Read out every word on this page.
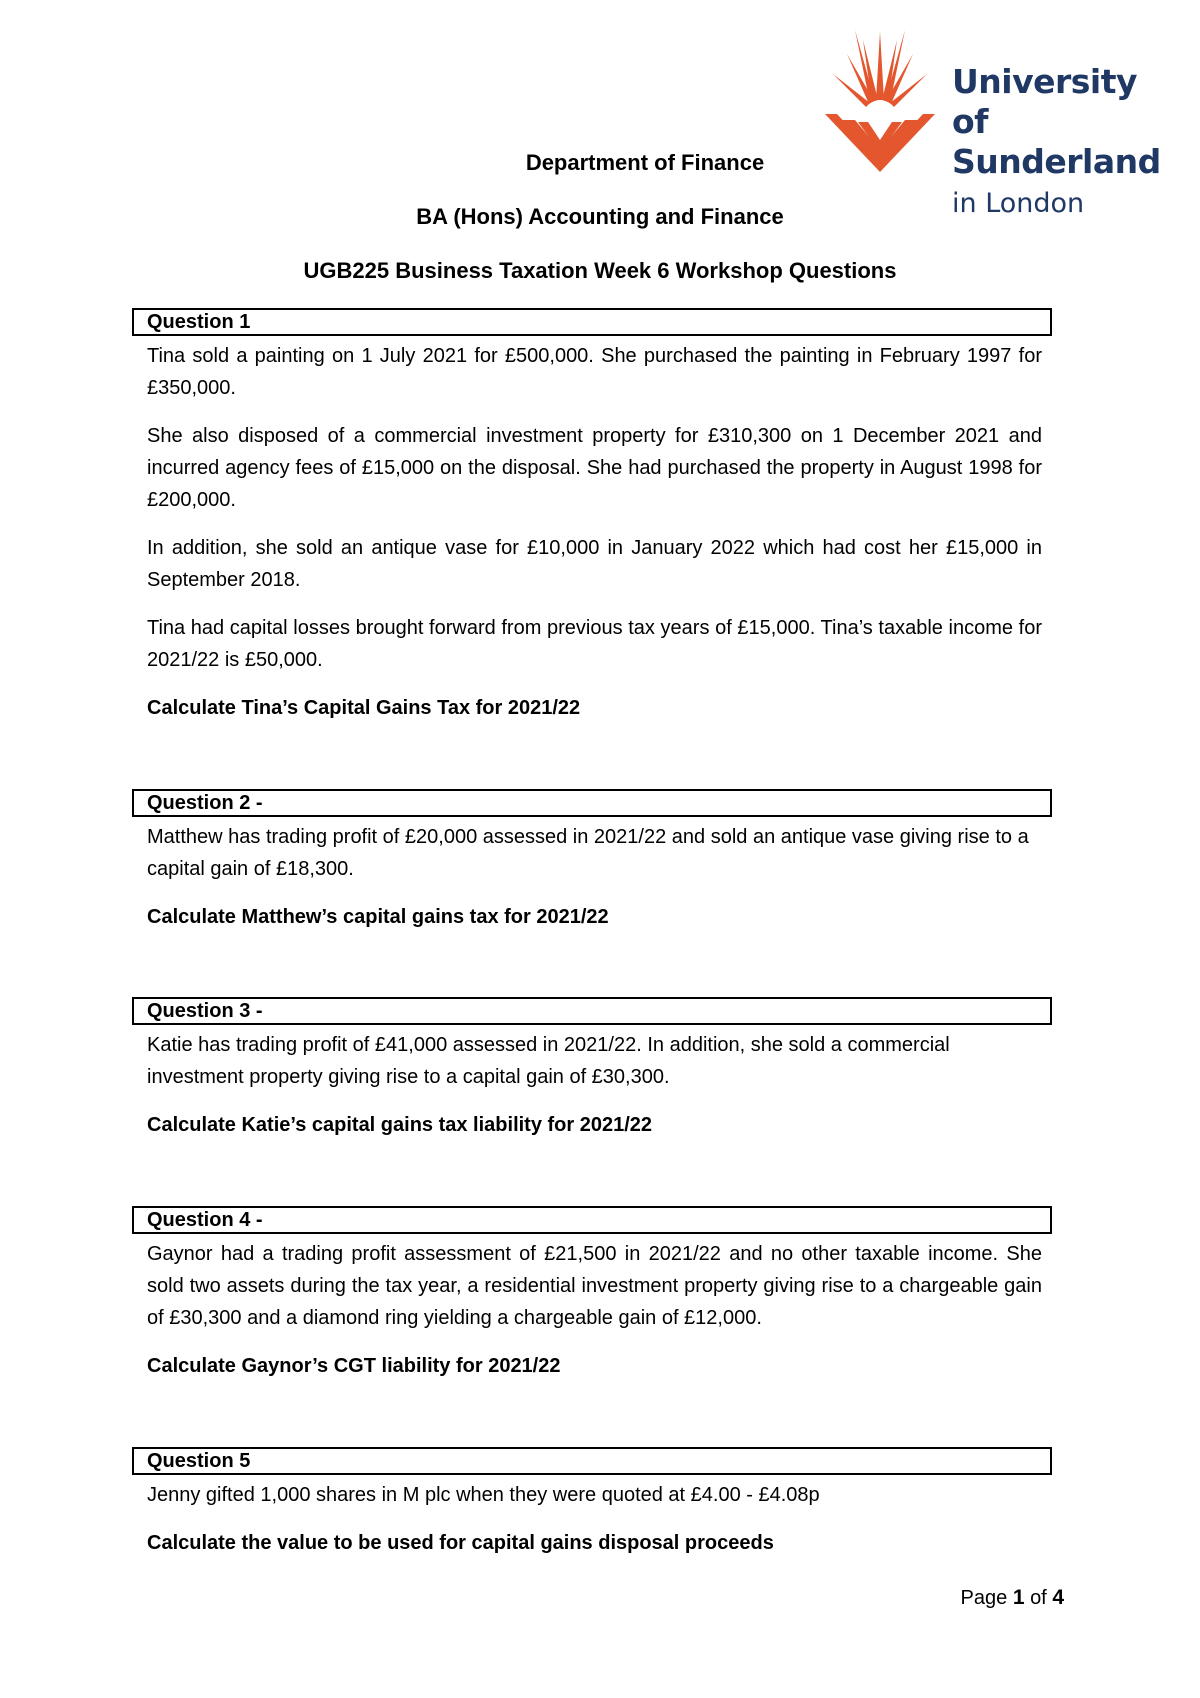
University of
Sunderland
in London
Department of Finance
BA (Hons) Accounting and Finance
UGB225 Business Taxation Week 6 Workshop Questions
Question 1

Tina sold a painting on 1 July 2021 for £500,000. She purchased the painting in February 1997 for £350,000.

She also disposed of a commercial investment property for £310,300 on 1 December 2021 and incurred agency fees of £15,000 on the disposal. She had purchased the property in August 1998 for £200,000.

In addition, she sold an antique vase for £10,000 in January 2022 which had cost her £15,000 in September 2018.

Tina had capital losses brought forward from previous tax years of £15,000. Tina’s taxable income for 2021/22 is £50,000.

Calculate Tina’s Capital Gains Tax for 2021/22

Question 2 -

Matthew has trading profit of £20,000 assessed in 2021/22 and sold an antique vase giving rise to a capital gain of £18,300.

Calculate Matthew’s capital gains tax for 2021/22

Question 3 -

Katie has trading profit of £41,000 assessed in 2021/22. In addition, she sold a commercial investment property giving rise to a capital gain of £30,300.

Calculate Katie’s capital gains tax liability for 2021/22

Question 4 -

Gaynor had a trading profit assessment of £21,500 in 2021/22 and no other taxable income. She sold two assets during the tax year, a residential investment property giving rise to a chargeable gain of £30,300 and a diamond ring yielding a chargeable gain of £12,000.

Calculate Gaynor’s CGT liability for 2021/22

Question 5

Jenny gifted 1,000 shares in M plc when they were quoted at £4.00 - £4.08p

Calculate the value to be used for capital gains disposal proceeds

Page 1 of 4
